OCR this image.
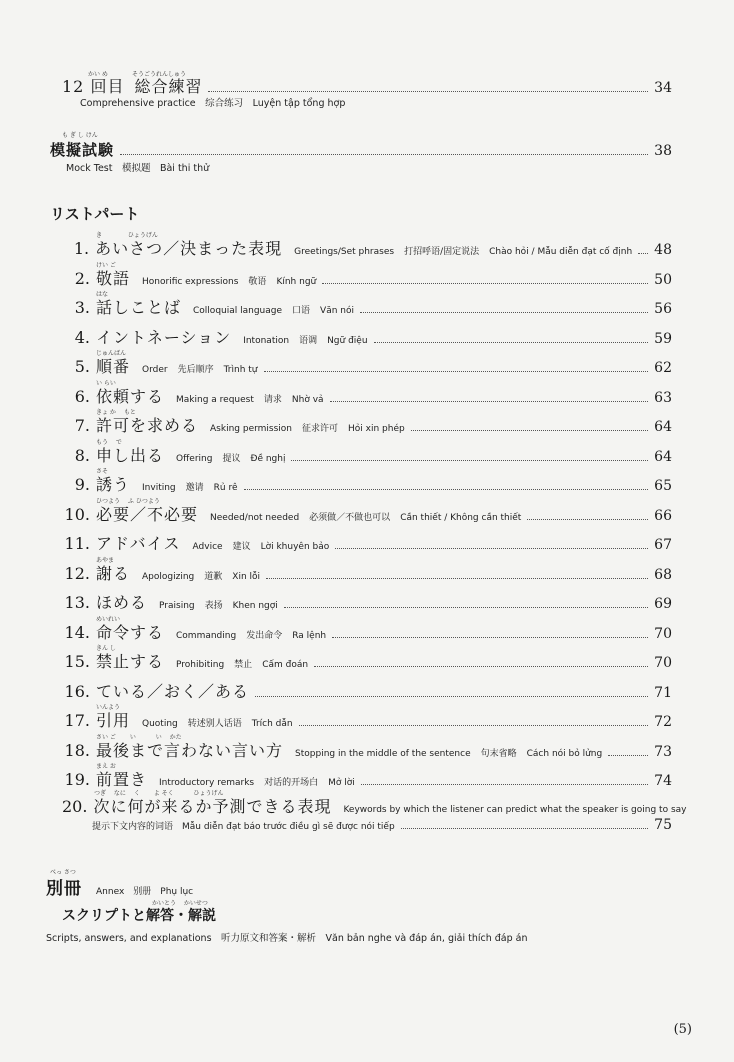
かい め	そうごうれんしゅう
12 回目 総合練習	34
Comprehensive practice　综合练习　Luyện tập tổng hợp
も ぎ し けん
模擬試験	38
Mock Test　模拟题　Bài thi thử
リストパート
き　　　　 ひょうげん
1. あいさつ／決まった表現 Greetings/Set phrases 打招呼语/固定说法 Chào hỏi / Mẫu diễn đạt cố định 48
けい ご
2. 敬語 Honorific expressions 敬语 Kính ngữ	50
はな
3. 話しことば Colloquial language 口语 Văn nói	56
4. イントネーション Intonation 语调 Ngữ điệu	59
じゅんばん
5. 順番 Order 先后顺序 Trình tự	62
い らい
6. 依頼する Making a request 请求 Nhờ vả	63
きょ か　 もと
7. 許可を求める Asking permission 征求许可 Hỏi xin phép	64
もう　 で
8. 申し出る Offering 提议 Đề nghị	64
さそ
9. 誘う Inviting 邀请 Rủ rê	65
ひつよう　 ふ ひつよう
10. 必要／不必要 Needed/not needed 必须做／不做也可以 Cần thiết / Không cần thiết	66
11. アドバイス Advice 建议 Lời khuyên bảo	67
あやま
12. 謝る Apologizing 道歉 Xin lỗi	68
13. ほめる Praising 表扬 Khen ngợi	69
めいれい
14. 命令する Commanding 发出命令 Ra lệnh	70
きん し
15. 禁止する Prohibiting 禁止 Cấm đoán	70
16. ている／おく／ある	71
いんよう
17. 引用 Quoting 转述别人话语 Trích dẫn	72
さい ご　　 い　　　 い　 かた
18. 最後まで言わない言い方 Stopping in the middle of the sentence 句末省略 Cách nói bỏ lửng	73
まえ お
19. 前置き Introductory remarks 对话的开场白 Mở lời	74
つぎ　 なに　 く　　 よ そく　　　 ひょうげん
20. 次に何が来るか予測できる表現 Keywords by which the listener can predict what the speaker is going to say
提示下文内容的词语　Mẫu diễn đạt báo trước điều gì sẽ được nói tiếp	75
べっ さつ
別冊 Annex　别册　Phụ lục
かいとう　 かいせつ
スクリプトと解答・解説
Scripts, answers, and explanations　听力原文和答案・解析　Văn bản nghe và đáp án, giải thích đáp án
(5)
